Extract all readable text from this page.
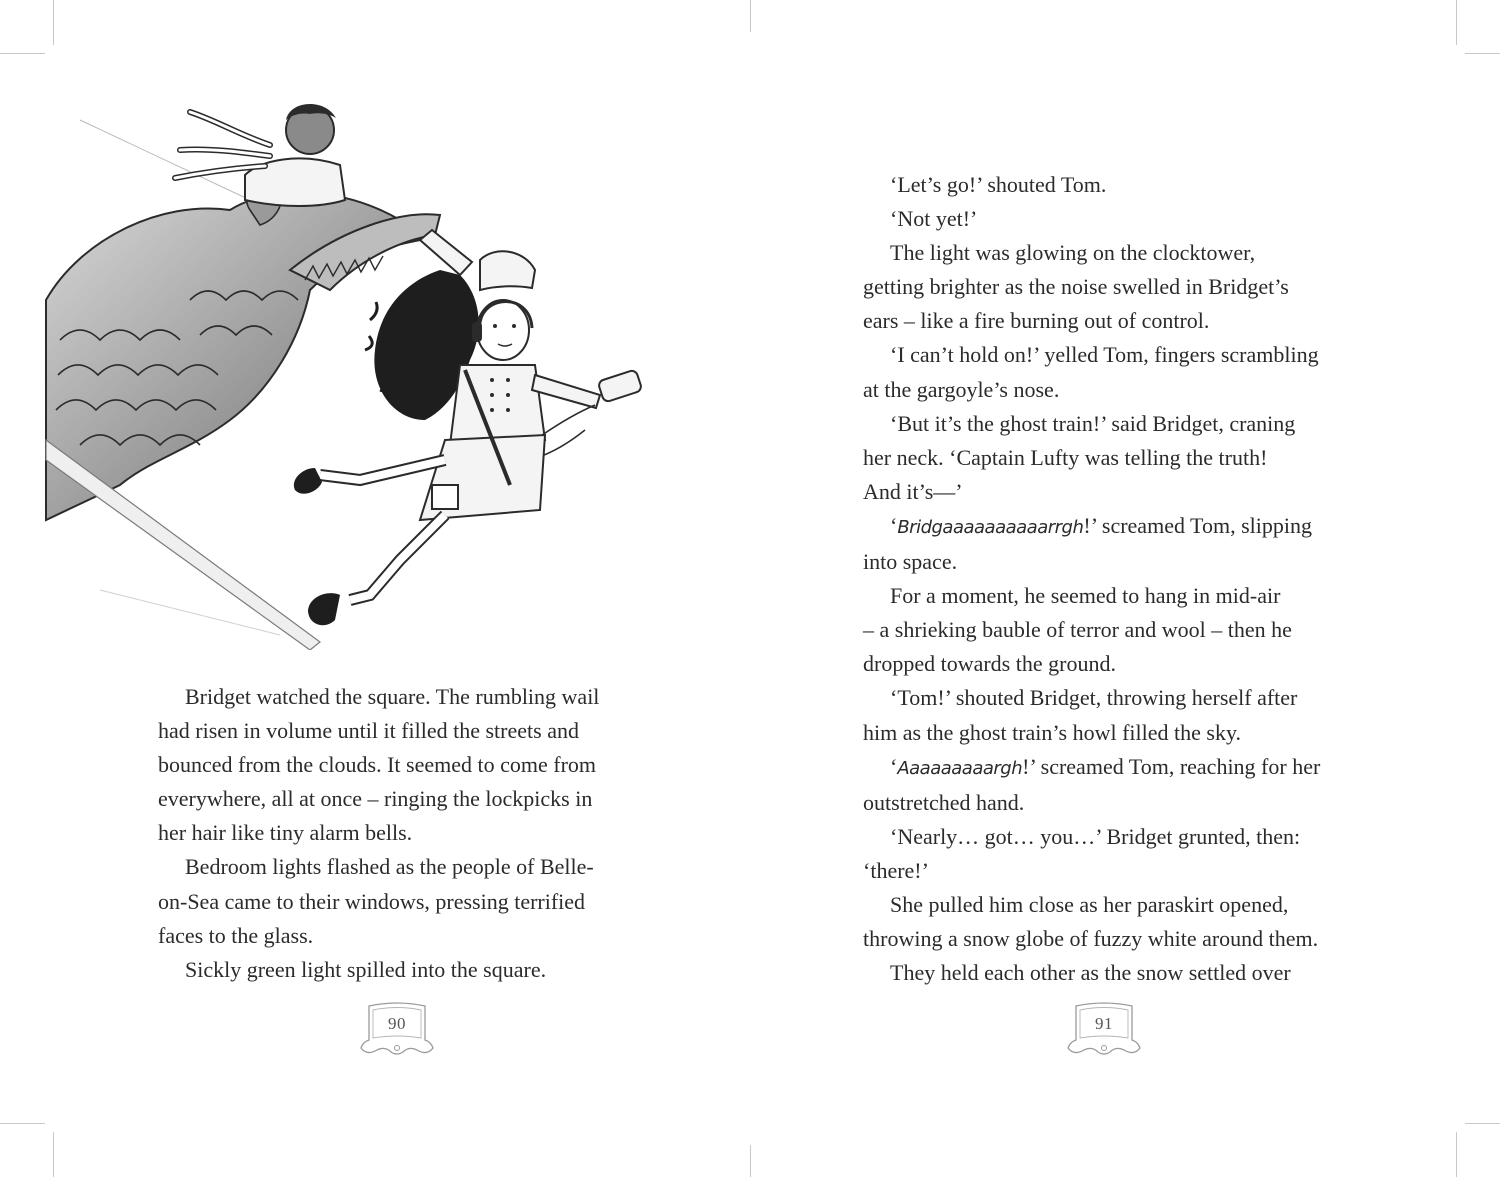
Bridget watched the square. The rumbling wail
had risen in volume until it filled the streets and
bounced from the clouds. It seemed to come from
everywhere, all at once – ringing the lockpicks in
her hair like tiny alarm bells.
Bedroom lights flashed as the people of Belle-
on-Sea came to their windows, pressing terrified
faces to the glass.
Sickly green light spilled into the square.
90
‘Let’s go!’ shouted Tom.
‘Not yet!’
The light was glowing on the clocktower,
getting brighter as the noise swelled in Bridget’s
ears – like a fire burning out of control.
‘I can’t hold on!’ yelled Tom, fingers scrambling
at the gargoyle’s nose.
‘But it’s the ghost train!’ said Bridget, craning
her neck. ‘Captain Lufty was telling the truth!
And it’s—’
‘Bridgaaaaaaaaaarrgh!’ screamed Tom, slipping
into space.
For a moment, he seemed to hang in mid-air
– a shrieking bauble of terror and wool – then he
dropped towards the ground.
‘Tom!’ shouted Bridget, throwing herself after
him as the ghost train’s howl filled the sky.
‘Aaaaaaaaargh!’ screamed Tom, reaching for her
outstretched hand.
‘Nearly… got… you…’ Bridget grunted, then:
‘there!’
She pulled him close as her paraskirt opened,
throwing a snow globe of fuzzy white around them.
They held each other as the snow settled over
91
